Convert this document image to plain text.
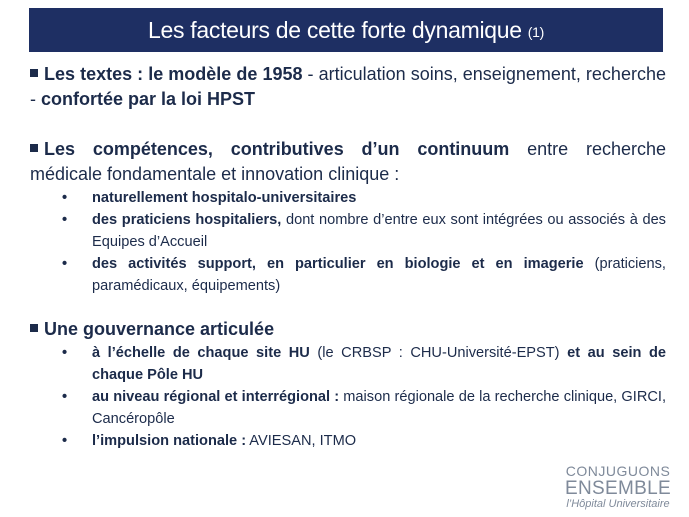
Les facteurs de cette forte dynamique (1)
Les textes : le modèle de 1958 - articulation soins, enseignement, recherche - confortée par la loi HPST
Les compétences, contributives d’un continuum entre recherche médicale fondamentale et innovation clinique :
• naturellement hospitalo-universitaires
• des praticiens hospitaliers, dont nombre d’entre eux sont intégrées ou associés à des Equipes d’Accueil
• des activités support, en particulier en biologie et en imagerie (praticiens, paramédicaux, équipements)
Une gouvernance articulée
• à l’échelle de chaque site HU (le CRBSP : CHU-Université-EPST) et au sein de chaque Pôle HU
• au niveau régional et interrégional : maison régionale de la recherche clinique, GIRCI, Cancéropôle
• l’impulsion nationale : AVIESAN, ITMO
CONJUGUONS
ENSEMBLE
l’Hôpital Universitaire
